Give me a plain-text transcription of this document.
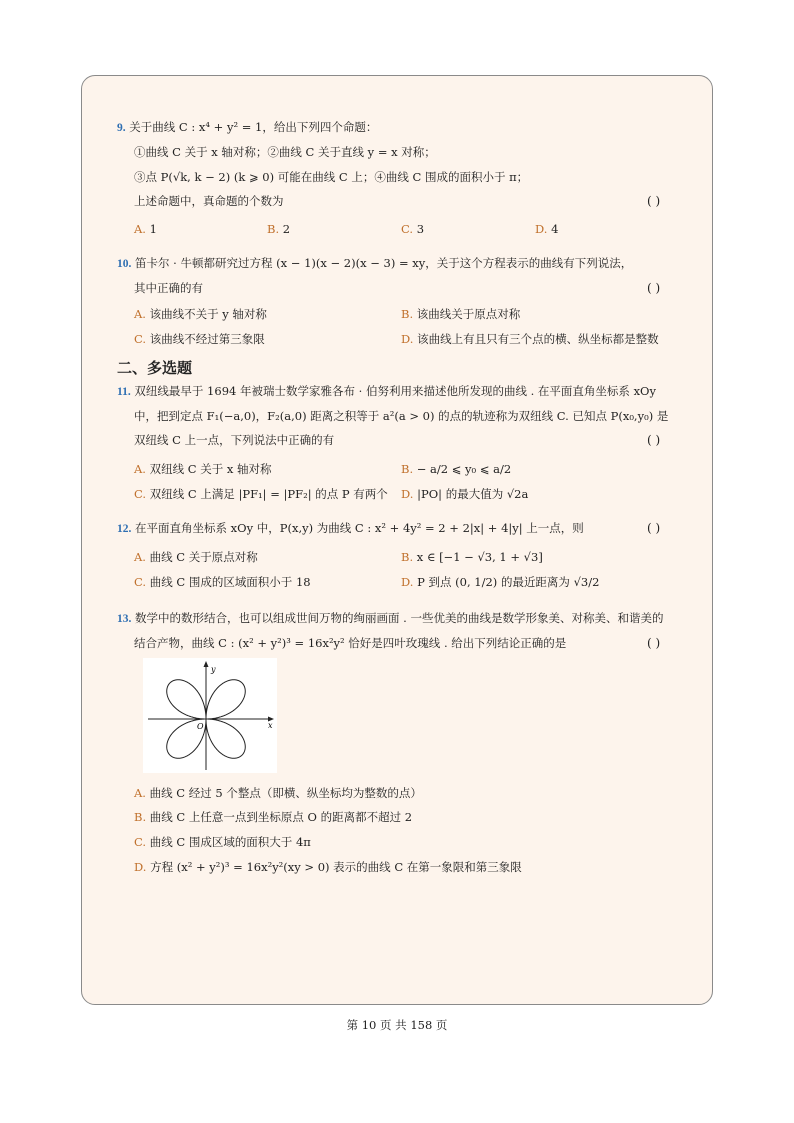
9. 关于曲线 C : x⁴ + y² = 1，给出下列四个命题：
①曲线 C 关于 x 轴对称；②曲线 C 关于直线 y = x 对称；
③点 P(√k, k − 2) (k ⩾ 0) 可能在曲线 C 上；④曲线 C 围成的面积小于 π；
上述命题中，真命题的个数为	( )
A. 1	B. 2	C. 3	D. 4
10. 笛卡尔 · 牛顿都研究过方程 (x − 1)(x − 2)(x − 3) = xy，关于这个方程表示的曲线有下列说法，
其中正确的有	( )
A. 该曲线不关于 y 轴对称	B. 该曲线关于原点对称
C. 该曲线不经过第三象限	D. 该曲线上有且只有三个点的横、纵坐标都是整数
二、多选题
11. 双纽线最早于 1694 年被瑞士数学家雅各布 · 伯努利用来描述他所发现的曲线 . 在平面直角坐标系 xOy
中，把到定点 F₁(−a,0)，F₂(a,0) 距离之积等于 a²(a > 0) 的点的轨迹称为双纽线 C. 已知点 P(x₀,y₀) 是
双纽线 C 上一点，下列说法中正确的有	( )
A. 双纽线 C 关于 x 轴对称	B. − a/2 ⩽ y₀ ⩽ a/2
C. 双纽线 C 上满足 |PF₁| = |PF₂| 的点 P 有两个 D. |PO| 的最大值为 √2a
12. 在平面直角坐标系 xOy 中，P(x,y) 为曲线 C : x² + 4y² = 2 + 2|x| + 4|y| 上一点，则	( )
A. 曲线 C 关于原点对称	B. x ∈ [−1 − √3, 1 + √3]
C. 曲线 C 围成的区域面积小于 18	D. P 到点 (0, 1/2) 的最近距离为 √3/2
13. 数学中的数形结合，也可以组成世间万物的绚丽画面 . 一些优美的曲线是数学形象美、对称美、和谐美的
结合产物，曲线 C : (x² + y²)³ = 16x²y² 恰好是四叶玫瑰线 . 给出下列结论正确的是	( )
y
x
O
A. 曲线 C 经过 5 个整点（即横、纵坐标均为整数的点）
B. 曲线 C 上任意一点到坐标原点 O 的距离都不超过 2
C. 曲线 C 围成区域的面积大于 4π
D. 方程 (x² + y²)³ = 16x²y²(xy > 0) 表示的曲线 C 在第一象限和第三象限
第 10 页 共 158 页
